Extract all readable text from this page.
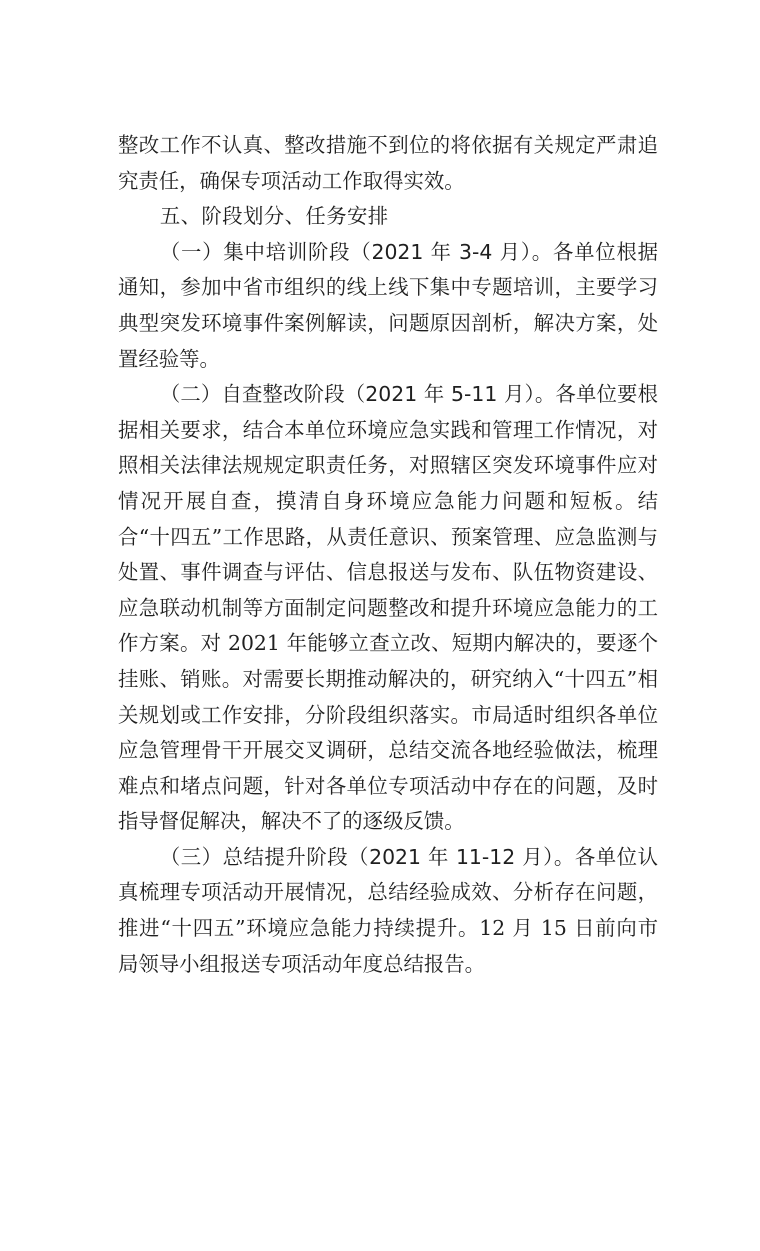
整改工作不认真、整改措施不到位的将依据有关规定严肃追究责任，确保专项活动工作取得实效。

五、阶段划分、任务安排

（一）集中培训阶段（2021 年 3-4 月）。各单位根据通知，参加中省市组织的线上线下集中专题培训，主要学习典型突发环境事件案例解读，问题原因剖析，解决方案，处置经验等。

（二）自查整改阶段（2021 年 5-11 月）。各单位要根据相关要求，结合本单位环境应急实践和管理工作情况，对照相关法律法规规定职责任务，对照辖区突发环境事件应对情况开展自查，摸清自身环境应急能力问题和短板。结合“十四五”工作思路，从责任意识、预案管理、应急监测与处置、事件调查与评估、信息报送与发布、队伍物资建设、应急联动机制等方面制定问题整改和提升环境应急能力的工作方案。对 2021 年能够立查立改、短期内解决的，要逐个挂账、销账。对需要长期推动解决的，研究纳入“十四五”相关规划或工作安排，分阶段组织落实。市局适时组织各单位应急管理骨干开展交叉调研，总结交流各地经验做法，梳理难点和堵点问题，针对各单位专项活动中存在的问题，及时指导督促解决，解决不了的逐级反馈。

（三）总结提升阶段（2021 年 11-12 月）。各单位认真梳理专项活动开展情况，总结经验成效、分析存在问题，推进“十四五”环境应急能力持续提升。12 月 15 日前向市局领导小组报送专项活动年度总结报告。
